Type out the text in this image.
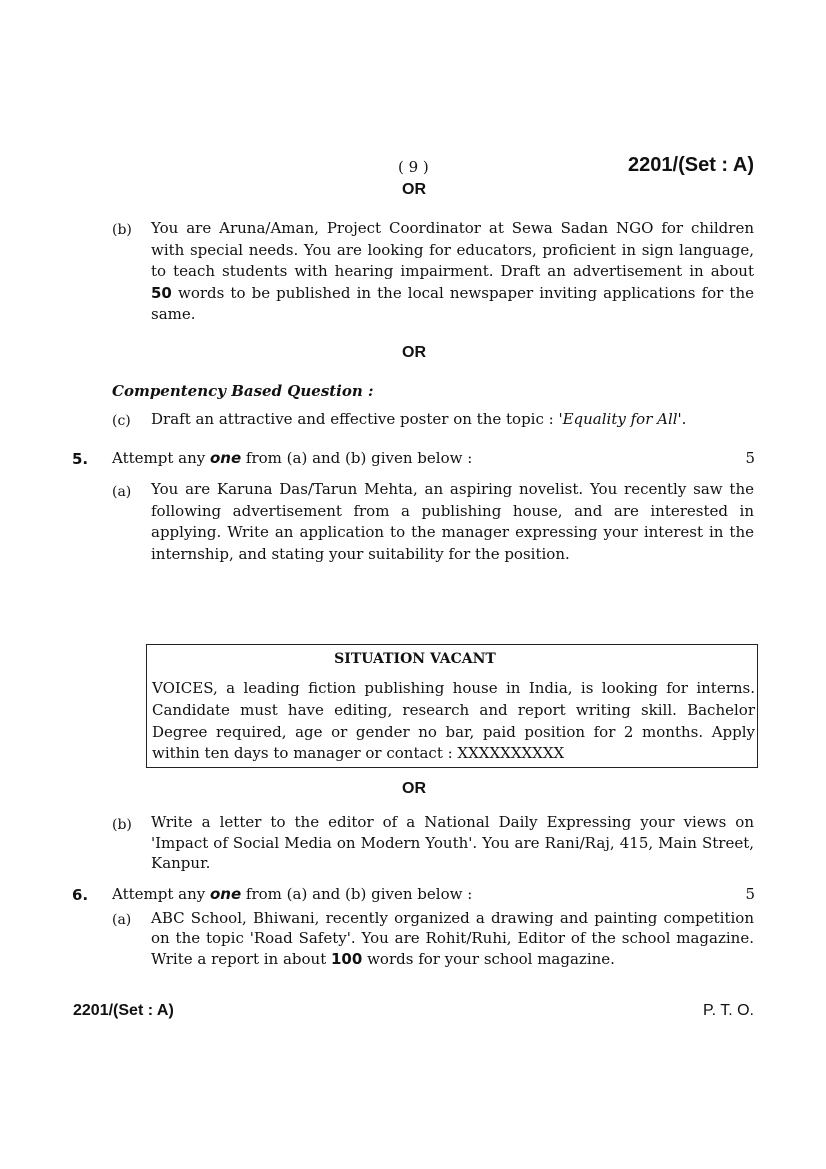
( 9 )	2201/(Set : A)
OR
(b) You are Aruna/Aman, Project Coordinator at Sewa Sadan NGO for children with special needs. You are looking for educators, proficient in sign language, to teach students with hearing impairment. Draft an advertisement in about 50 words to be published in the local newspaper inviting applications for the same.
OR
Compentency Based Question :
(c) Draft an attractive and effective poster on the topic : 'Equality for All'.
5. Attempt any one from (a) and (b) given below :	5
(a) You are Karuna Das/Tarun Mehta, an aspiring novelist. You recently saw the following advertisement from a publishing house, and are interested in applying. Write an application to the manager expressing your interest in the internship, and stating your suitability for the position.
SITUATION VACANT
VOICES, a leading fiction publishing house in India, is looking for interns. Candidate must have editing, research and report writing skill. Bachelor Degree required, age or gender no bar, paid position for 2 months. Apply within ten days to manager or contact : XXXXXXXXXX
OR
(b) Write a letter to the editor of a National Daily Expressing your views on 'Impact of Social Media on Modern Youth'. You are Rani/Raj, 415, Main Street, Kanpur.
6. Attempt any one from (a) and (b) given below :	5
(a) ABC School, Bhiwani, recently organized a drawing and painting competition on the topic 'Road Safety'. You are Rohit/Ruhi, Editor of the school magazine. Write a report in about 100 words for your school magazine.
2201/(Set : A)	P. T. O.
